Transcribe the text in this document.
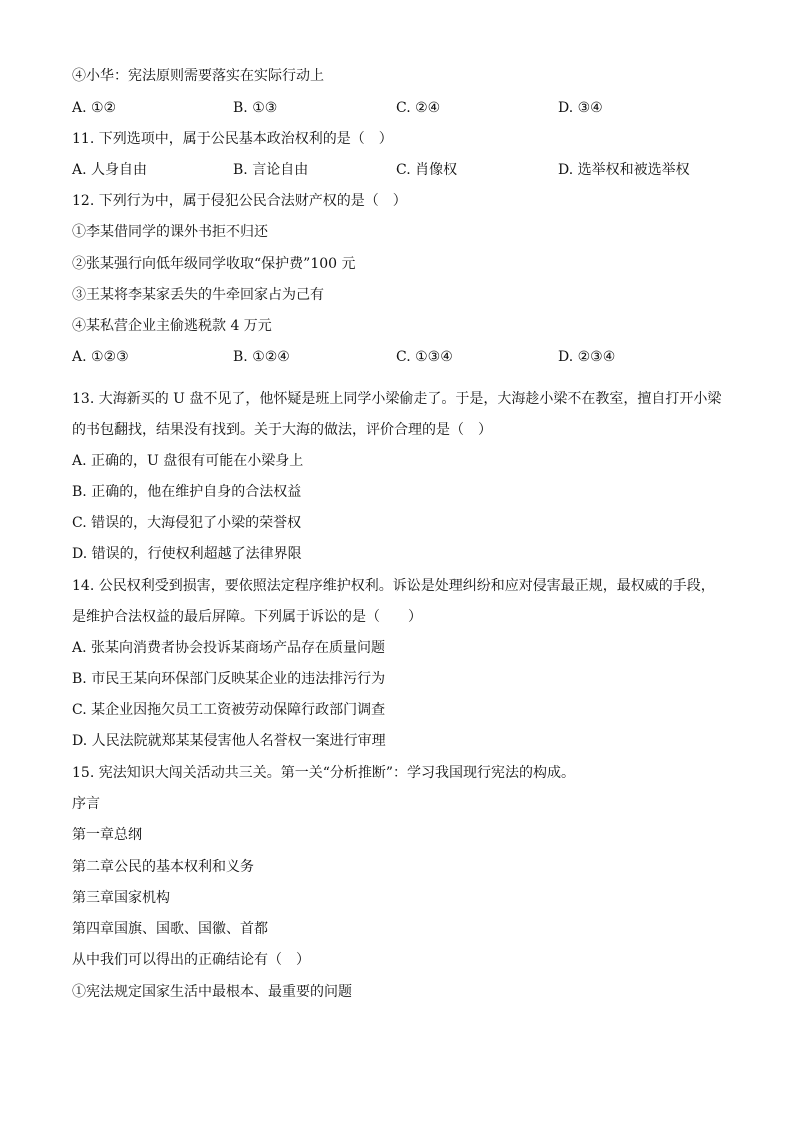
④小华：宪法原则需要落实在实际行动上
A. ①②	B. ①③	C. ②④	D. ③④
11. 下列选项中，属于公民基本政治权利的是（　）
A. 人身自由	B. 言论自由	C. 肖像权	D. 选举权和被选举权
12. 下列行为中，属于侵犯公民合法财产权的是（　）
①李某借同学的课外书拒不归还
②张某强行向低年级同学收取“保护费”100 元
③王某将李某家丢失的牛牵回家占为己有
④某私营企业主偷逃税款 4 万元
A. ①②③	B. ①②④	C. ①③④	D. ②③④
13. 大海新买的 U 盘不见了，他怀疑是班上同学小梁偷走了。于是，大海趁小梁不在教室，擅自打开小梁
的书包翻找，结果没有找到。关于大海的做法，评价合理的是（　）
A. 正确的，U 盘很有可能在小梁身上
B. 正确的，他在维护自身的合法权益
C. 错误的，大海侵犯了小梁的荣誉权
D. 错误的，行使权利超越了法律界限
14. 公民权利受到损害，要依照法定程序维护权利。诉讼是处理纠纷和应对侵害最正规，最权威的手段，
是维护合法权益的最后屏障。下列属于诉讼的是（　　）
A. 张某向消费者协会投诉某商场产品存在质量问题
B. 市民王某向环保部门反映某企业的违法排污行为
C. 某企业因拖欠员工工资被劳动保障行政部门调查
D. 人民法院就郑某某侵害他人名誉权一案进行审理
15. 宪法知识大闯关活动共三关。第一关“分析推断”：学习我国现行宪法的构成。
序言
第一章总纲
第二章公民的基本权利和义务
第三章国家机构
第四章国旗、国歌、国徽、首都
从中我们可以得出的正确结论有（　）
①宪法规定国家生活中最根本、最重要的问题
